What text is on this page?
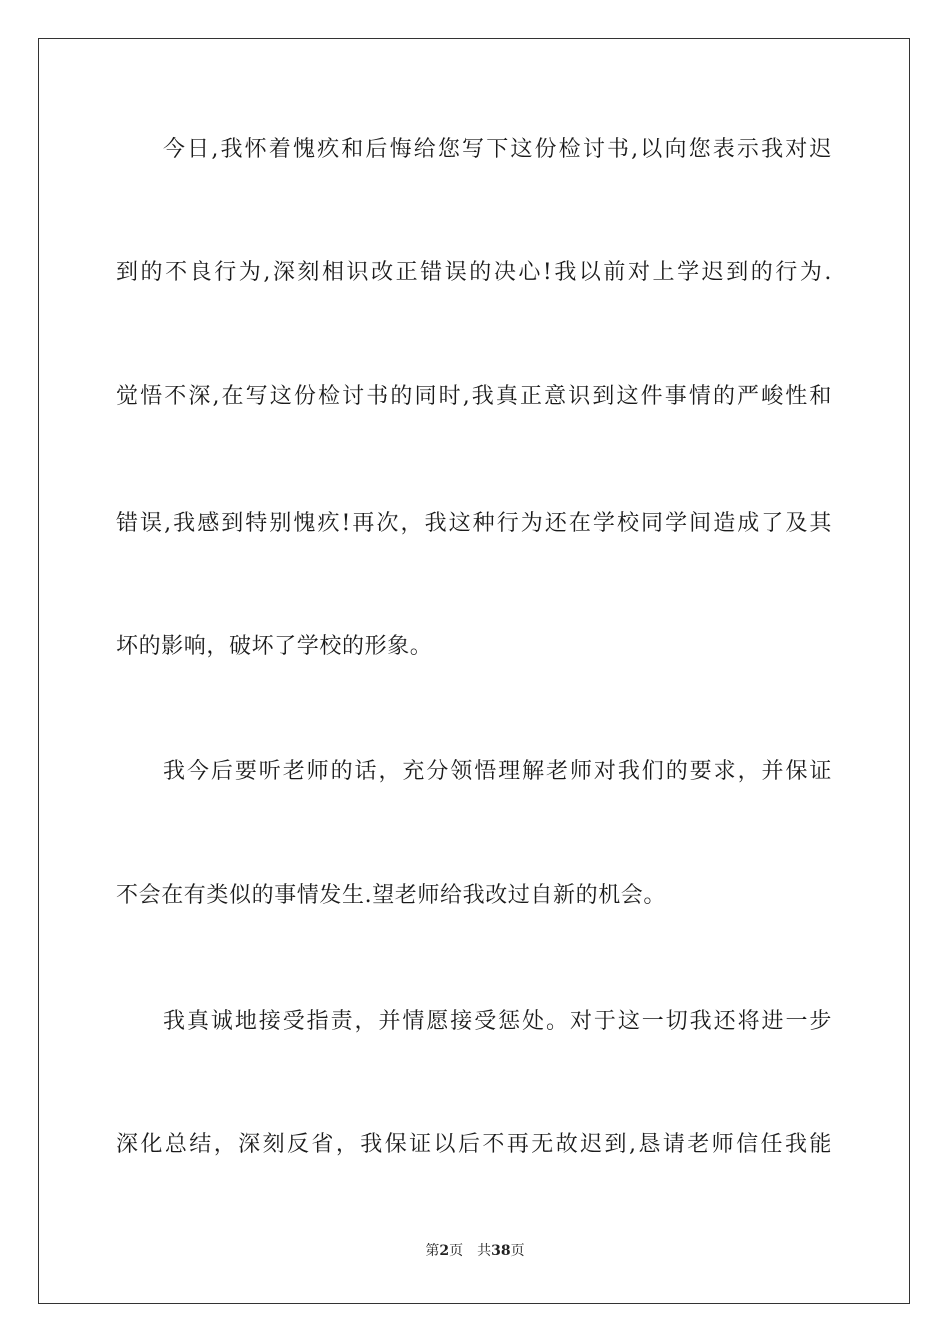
今日,我怀着愧疚和后悔给您写下这份检讨书,以向您表示我对迟
到的不良行为,深刻相识改正错误的决心!我以前对上学迟到的行为.
觉悟不深,在写这份检讨书的同时,我真正意识到这件事情的严峻性和
错误,我感到特别愧疚!再次，我这种行为还在学校同学间造成了及其
坏的影响，破坏了学校的形象。
我今后要听老师的话，充分领悟理解老师对我们的要求，并保证
不会在有类似的事情发生.望老师给我改过自新的机会。
我真诚地接受指责，并情愿接受惩处。对于这一切我还将进一步
深化总结，深刻反省，我保证以后不再无故迟到,恳请老师信任我能
第2页 共38页
